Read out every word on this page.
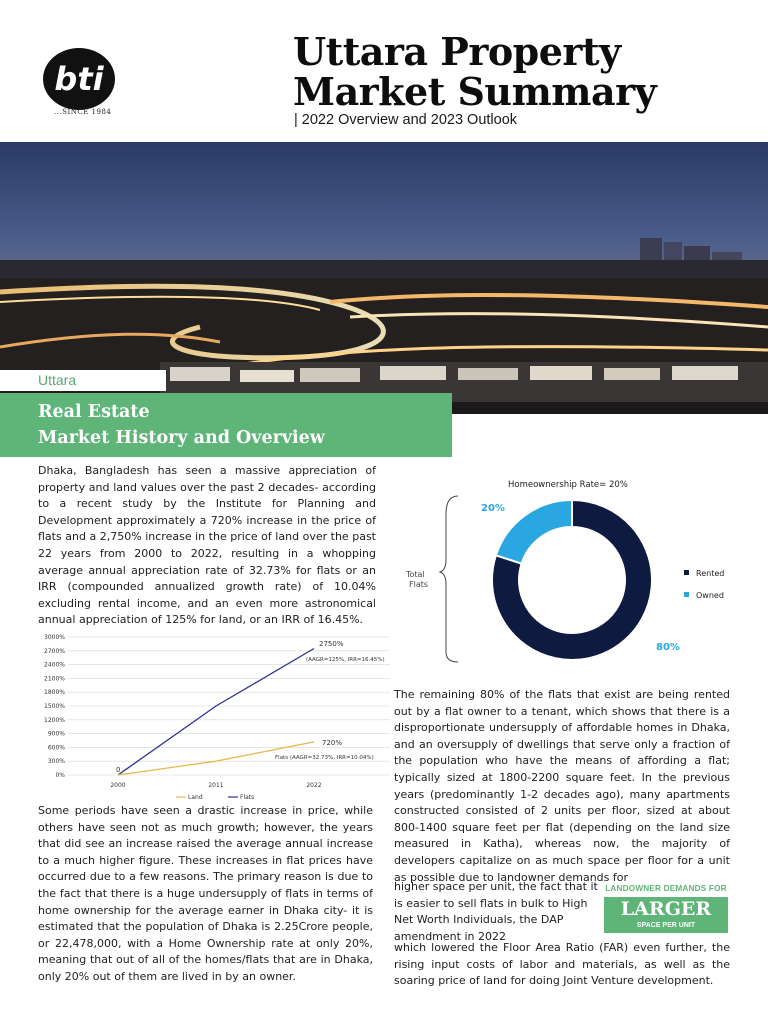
bti
...SINCE 1984
Uttara Property
Market Summary
| 2022 Overview and 2023 Outlook
Uttara
Real Estate
Market History and Overview
Dhaka, Bangladesh has seen a massive appreciation of property and land values over the past 2 decades- according to a recent study by the Institute for Planning and Development approximately a 720% increase in the price of flats and a 2,750% increase in the price of land over the past 22 years from 2000 to 2022, resulting in a whopping average annual appreciation rate of 32.73% for flats or an IRR (compounded annualized growth rate) of 10.04% excluding rental income, and an even more astronomical annual appreciation of 125% for land, or an IRR of 16.45%.
Some periods have seen a drastic increase in price, while others have seen not as much growth; however, the years that did see an increase raised the average annual increase to a much higher figure. These increases in flat prices have occurred due to a few reasons. The primary reason is due to the fact that there is a huge undersupply of flats in terms of home ownership for the average earner in Dhaka city- it is estimated that the population of Dhaka is 2.25Crore people, or 22,478,000, with a Home Ownership rate at only 20%, meaning that out of all of the homes/flats that are in Dhaka, only 20% out of them are lived in by an owner.
The remaining 80% of the flats that exist are being rented out by a flat owner to a tenant, which shows that there is a disproportionate undersupply of affordable homes in Dhaka, and an oversupply of dwellings that serve only a fraction of the population who have the means of affording a flat; typically sized at 1800-2200 square feet. In the previous years (predominantly 1-2 decades ago), many apartments constructed consisted of 2 units per floor, sized at about 800-1400 square feet per flat (depending on the land size measured in Katha), whereas now, the majority of developers capitalize on as much space per floor for a unit as possible due to landowner demands for
higher space per unit, the fact that it is easier to sell flats in bulk to High Net Worth Individuals, the DAP amendment in 2022
which lowered the Floor Area Ratio (FAR) even further, the rising input costs of labor and materials, as well as the soaring price of land for doing Joint Venture development.
LANDOWNER DEMANDS FOR
LARGER
SPACE PER UNIT
0%
300%
600%
900%
1200%
1500%
1800%
2100%
2400%
2700%
3000%
2000	2011	2022
0
2750%
(AAGR=125%, IRR=16.45%)
720%
Flats (AAGR=32.73%, IRR=10.04%)
Land	Flats
Homeownership Rate= 20%
20%
80%
Total
Flats
Rented
Owned
